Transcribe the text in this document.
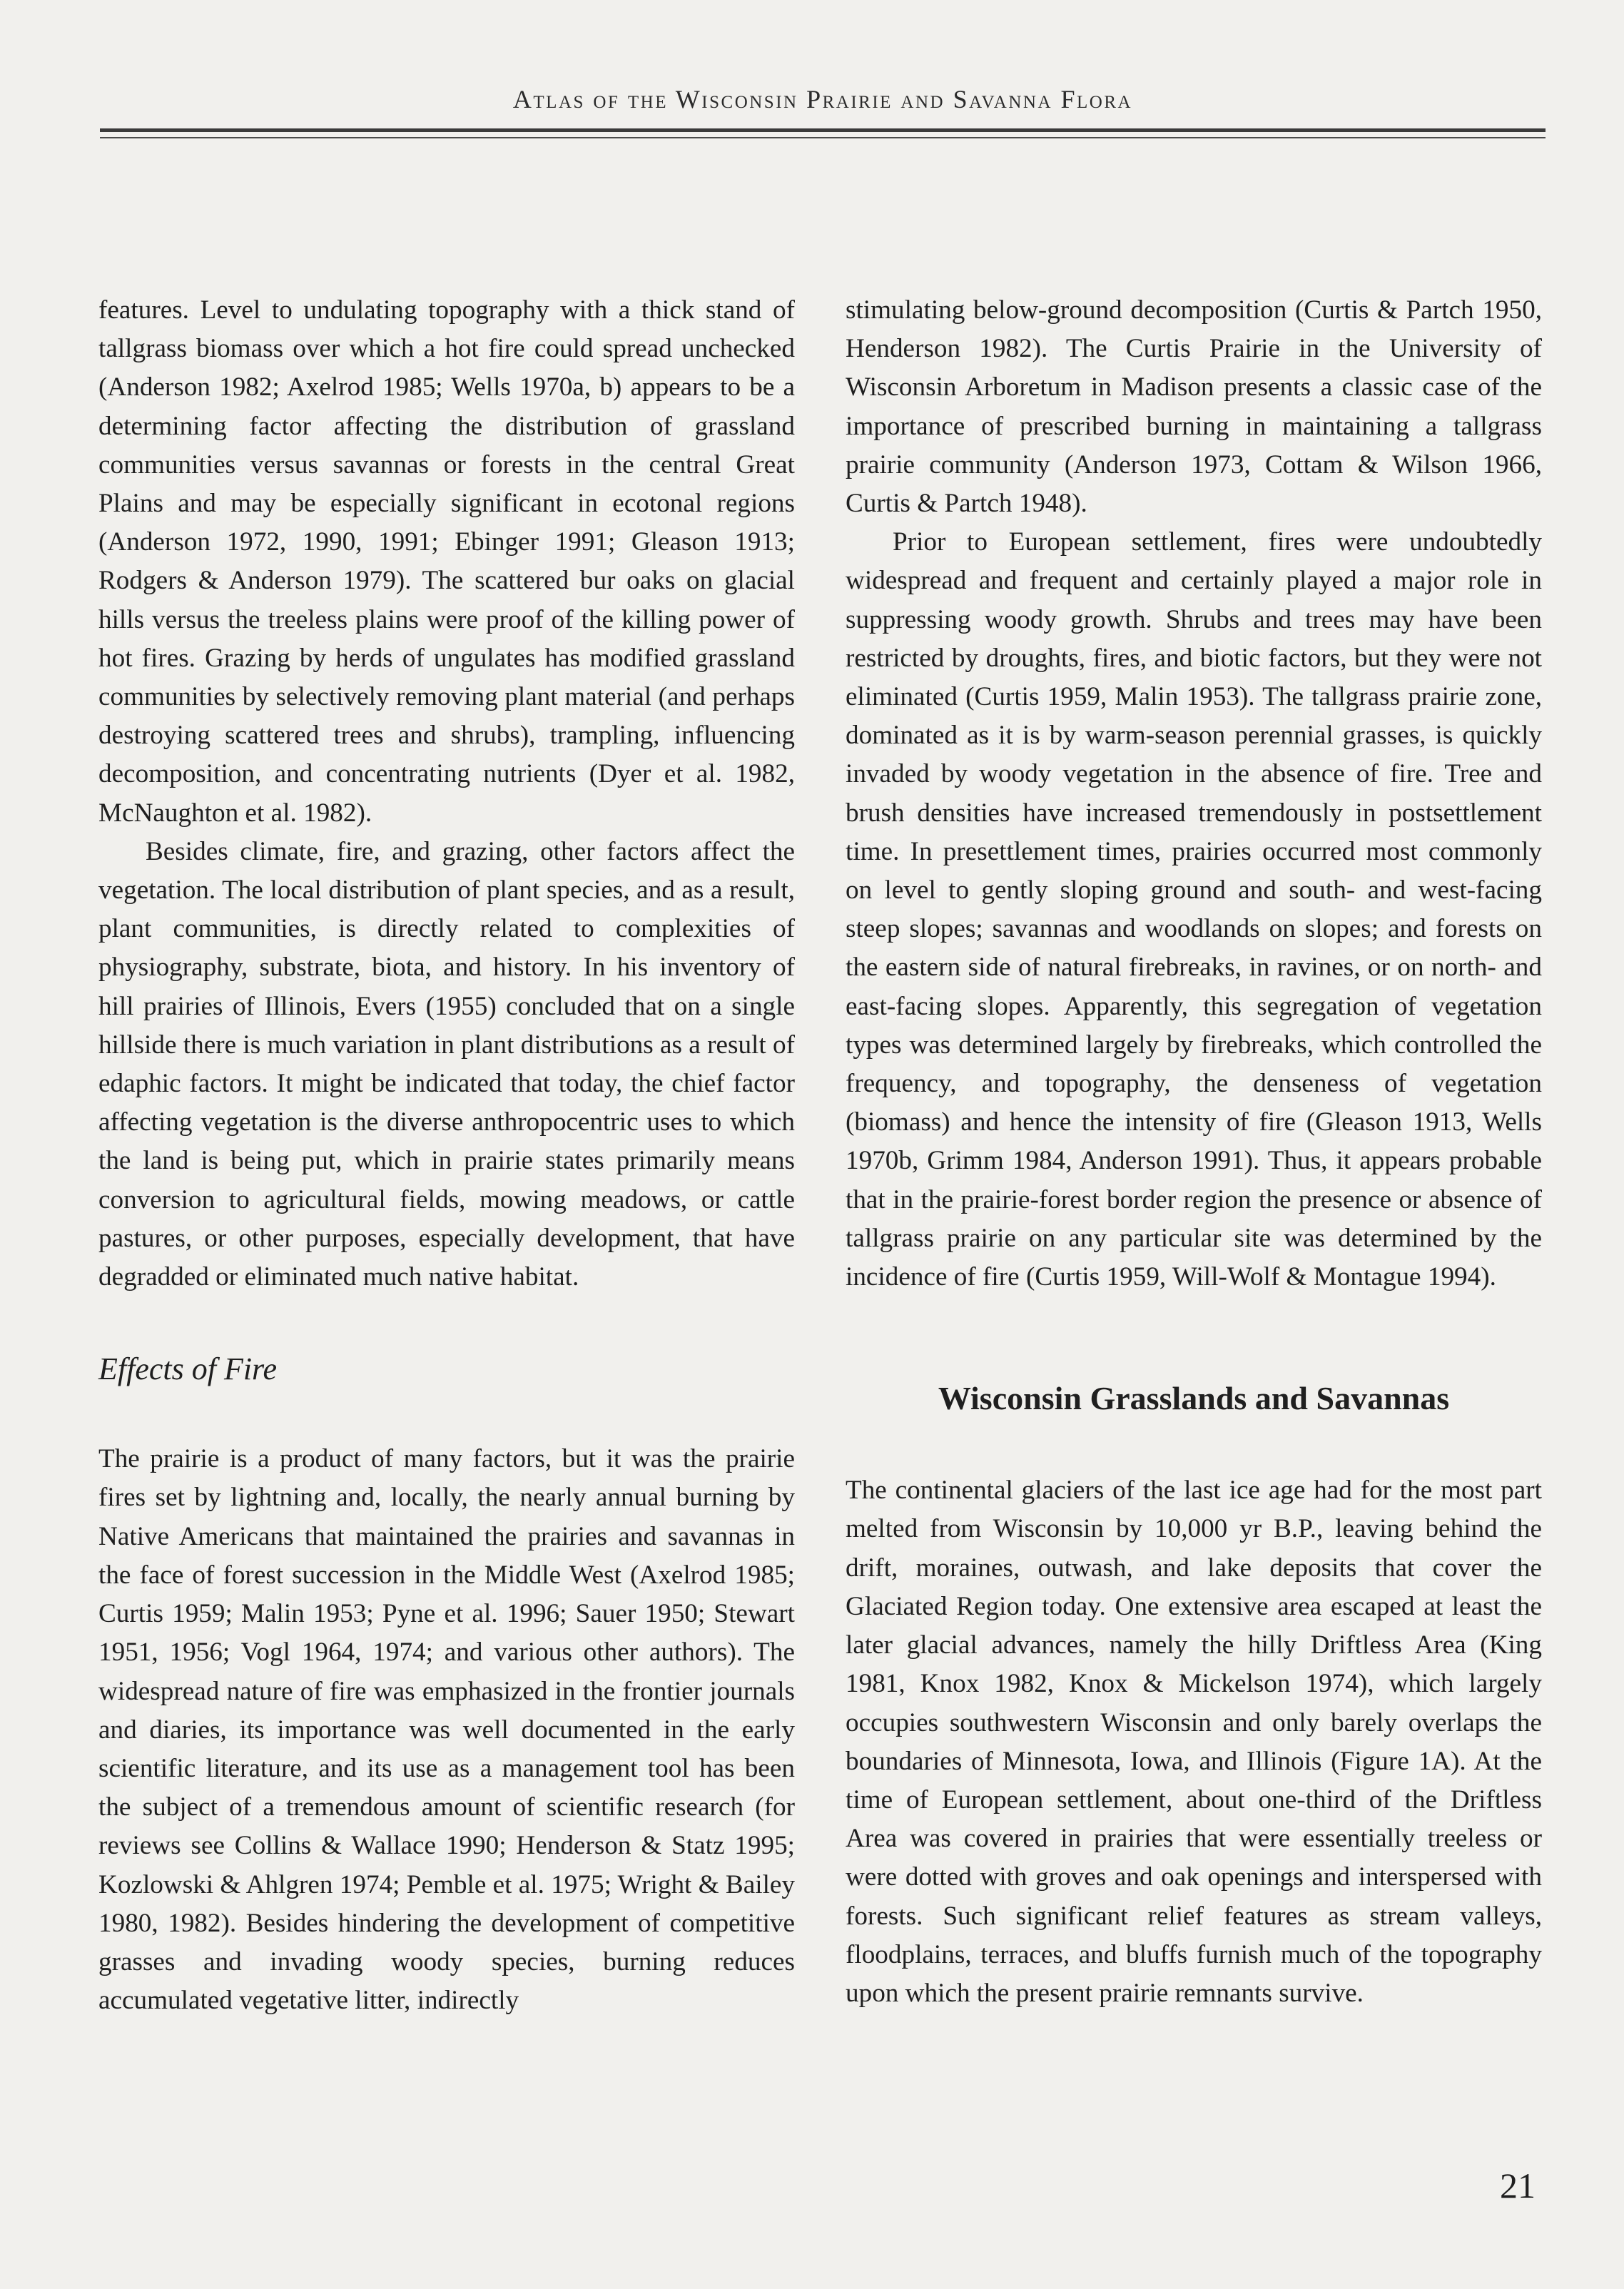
Atlas of the Wisconsin Prairie and Savanna Flora

features. Level to undulating topography with a thick stand of tallgrass biomass over which a hot fire could spread unchecked (Anderson 1982; Axelrod 1985; Wells 1970a, b) appears to be a determining factor affecting the distribution of grassland communities versus savannas or forests in the central Great Plains and may be especially significant in ecotonal regions (Anderson 1972, 1990, 1991; Ebinger 1991; Gleason 1913; Rodgers & Anderson 1979). The scattered bur oaks on glacial hills versus the treeless plains were proof of the killing power of hot fires. Grazing by herds of ungulates has modified grassland communities by selectively removing plant material (and perhaps destroying scattered trees and shrubs), trampling, influencing decomposition, and concentrating nutrients (Dyer et al. 1982, McNaughton et al. 1982).

Besides climate, fire, and grazing, other factors affect the vegetation. The local distribution of plant species, and as a result, plant communities, is directly related to complexities of physiography, substrate, biota, and history. In his inventory of hill prairies of Illinois, Evers (1955) concluded that on a single hillside there is much variation in plant distributions as a result of edaphic factors. It might be indicated that today, the chief factor affecting vegetation is the diverse anthropocentric uses to which the land is being put, which in prairie states primarily means conversion to agricultural fields, mowing meadows, or cattle pastures, or other purposes, especially development, that have degradded or eliminated much native habitat.

Effects of Fire

The prairie is a product of many factors, but it was the prairie fires set by lightning and, locally, the nearly annual burning by Native Americans that maintained the prairies and savannas in the face of forest succession in the Middle West (Axelrod 1985; Curtis 1959; Malin 1953; Pyne et al. 1996; Sauer 1950; Stewart 1951, 1956; Vogl 1964, 1974; and various other authors). The widespread nature of fire was emphasized in the frontier journals and diaries, its importance was well documented in the early scientific literature, and its use as a management tool has been the subject of a tremendous amount of scientific research (for reviews see Collins & Wallace 1990; Henderson & Statz 1995; Kozlowski & Ahlgren 1974; Pemble et al. 1975; Wright & Bailey 1980, 1982). Besides hindering the development of competitive grasses and invading woody species, burning reduces accumulated vegetative litter, indirectly

stimulating below-ground decomposition (Curtis & Partch 1950, Henderson 1982). The Curtis Prairie in the University of Wisconsin Arboretum in Madison presents a classic case of the importance of prescribed burning in maintaining a tallgrass prairie community (Anderson 1973, Cottam & Wilson 1966, Curtis & Partch 1948).

Prior to European settlement, fires were undoubtedly widespread and frequent and certainly played a major role in suppressing woody growth. Shrubs and trees may have been restricted by droughts, fires, and biotic factors, but they were not eliminated (Curtis 1959, Malin 1953). The tallgrass prairie zone, dominated as it is by warm-season perennial grasses, is quickly invaded by woody vegetation in the absence of fire. Tree and brush densities have increased tremendously in postsettlement time. In presettlement times, prairies occurred most commonly on level to gently sloping ground and south- and west-facing steep slopes; savannas and woodlands on slopes; and forests on the eastern side of natural firebreaks, in ravines, or on north- and east-facing slopes. Apparently, this segregation of vegetation types was determined largely by firebreaks, which controlled the frequency, and topography, the denseness of vegetation (biomass) and hence the intensity of fire (Gleason 1913, Wells 1970b, Grimm 1984, Anderson 1991). Thus, it appears probable that in the prairie-forest border region the presence or absence of tallgrass prairie on any particular site was determined by the incidence of fire (Curtis 1959, Will-Wolf & Montague 1994).

Wisconsin Grasslands and Savannas

The continental glaciers of the last ice age had for the most part melted from Wisconsin by 10,000 yr B.P., leaving behind the drift, moraines, outwash, and lake deposits that cover the Glaciated Region today. One extensive area escaped at least the later glacial advances, namely the hilly Driftless Area (King 1981, Knox 1982, Knox & Mickelson 1974), which largely occupies southwestern Wisconsin and only barely overlaps the boundaries of Minnesota, Iowa, and Illinois (Figure 1A). At the time of European settlement, about one-third of the Driftless Area was covered in prairies that were essentially treeless or were dotted with groves and oak openings and interspersed with forests. Such significant relief features as stream valleys, floodplains, terraces, and bluffs furnish much of the topography upon which the present prairie remnants survive.

21
